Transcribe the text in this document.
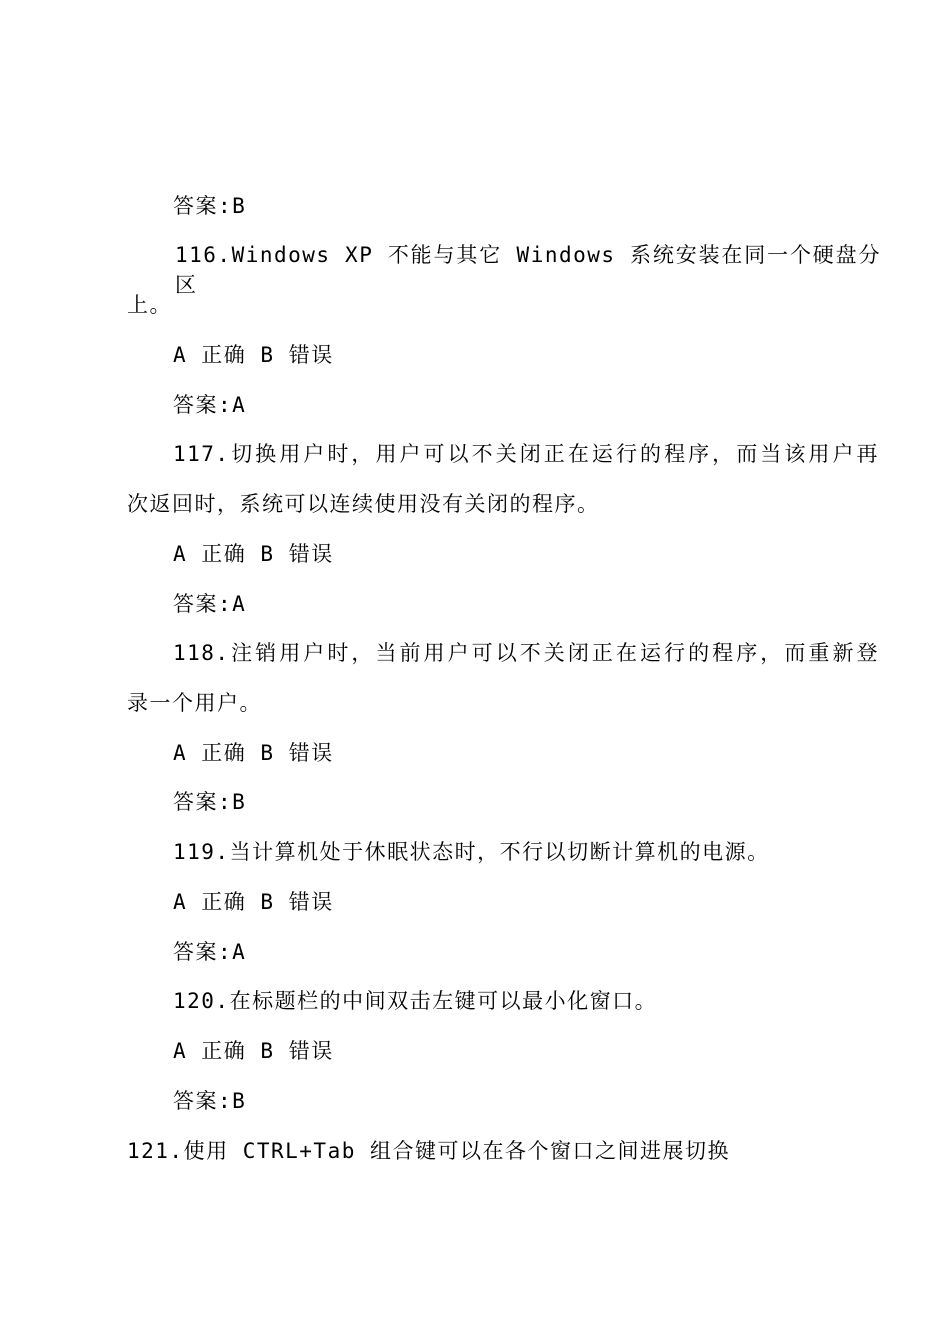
答案:B
116.Windows XP 不能与其它 Windows 系统安装在同一个硬盘分区
上。
A 正确 B 错误
答案:A
117.切换用户时，用户可以不关闭正在运行的程序，而当该用户再
次返回时，系统可以连续使用没有关闭的程序。
A 正确 B 错误
答案:A
118.注销用户时，当前用户可以不关闭正在运行的程序，而重新登
录一个用户。
A 正确 B 错误
答案:B
119.当计算机处于休眠状态时，不行以切断计算机的电源。
A 正确 B 错误
答案:A
120.在标题栏的中间双击左键可以最小化窗口。
A 正确 B 错误
答案:B
121.使用 CTRL+Tab 组合键可以在各个窗口之间进展切换
